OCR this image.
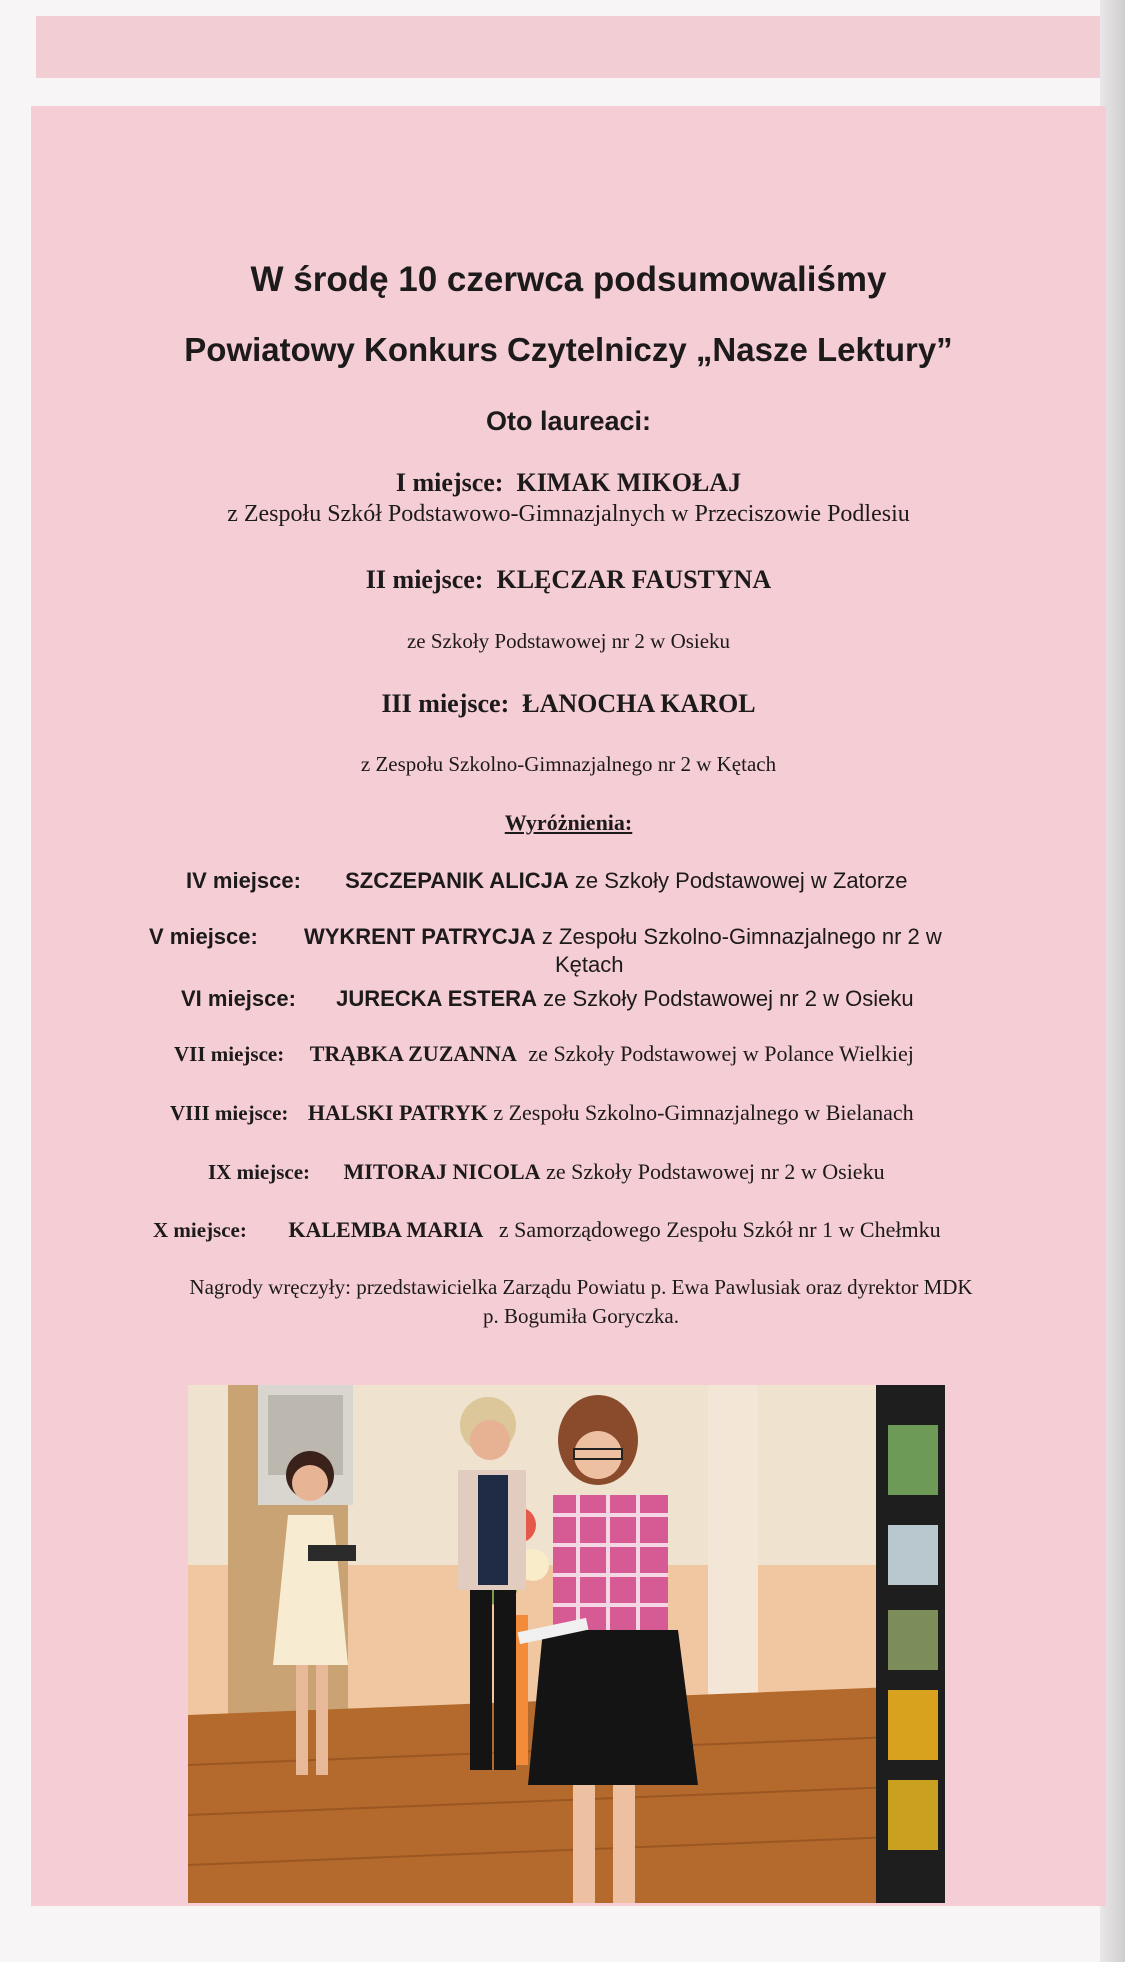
W środę 10 czerwca podsumowaliśmy
Powiatowy Konkurs Czytelniczy „Nasze Lektury”
Oto laureaci:
I miejsce: KIMAK MIKOŁAJ
z Zespołu Szkół Podstawowo-Gimnazjalnych w Przeciszowie Podlesiu
II miejsce: KLĘCZAR FAUSTYNA
ze Szkoły Podstawowej nr 2 w Osieku
III miejsce: ŁANOCHA KAROL
z Zespołu Szkolno-Gimnazjalnego nr 2 w Kętach
Wyróżnienia:
IV miejsce: SZCZEPANIK ALICJA ze Szkoły Podstawowej w Zatorze
V miejsce: WYKRENT PATRYCJA z Zespołu Szkolno-Gimnazjalnego nr 2 w
Kętach
VI miejsce: JURECKA ESTERA ze Szkoły Podstawowej nr 2 w Osieku
VII miejsce: TRĄBKA ZUZANNA ze Szkoły Podstawowej w Polance Wielkiej
VIII miejsce: HALSKI PATRYK z Zespołu Szkolno-Gimnazjalnego w Bielanach
IX miejsce: MITORAJ NICOLA ze Szkoły Podstawowej nr 2 w Osieku
X miejsce: KALEMBA MARIA z Samorządowego Zespołu Szkół nr 1 w Chełmku
Nagrody wręczyły: przedstawicielka Zarządu Powiatu p. Ewa Pawlusiak oraz dyrektor MDK
p. Bogumiła Goryczka.
